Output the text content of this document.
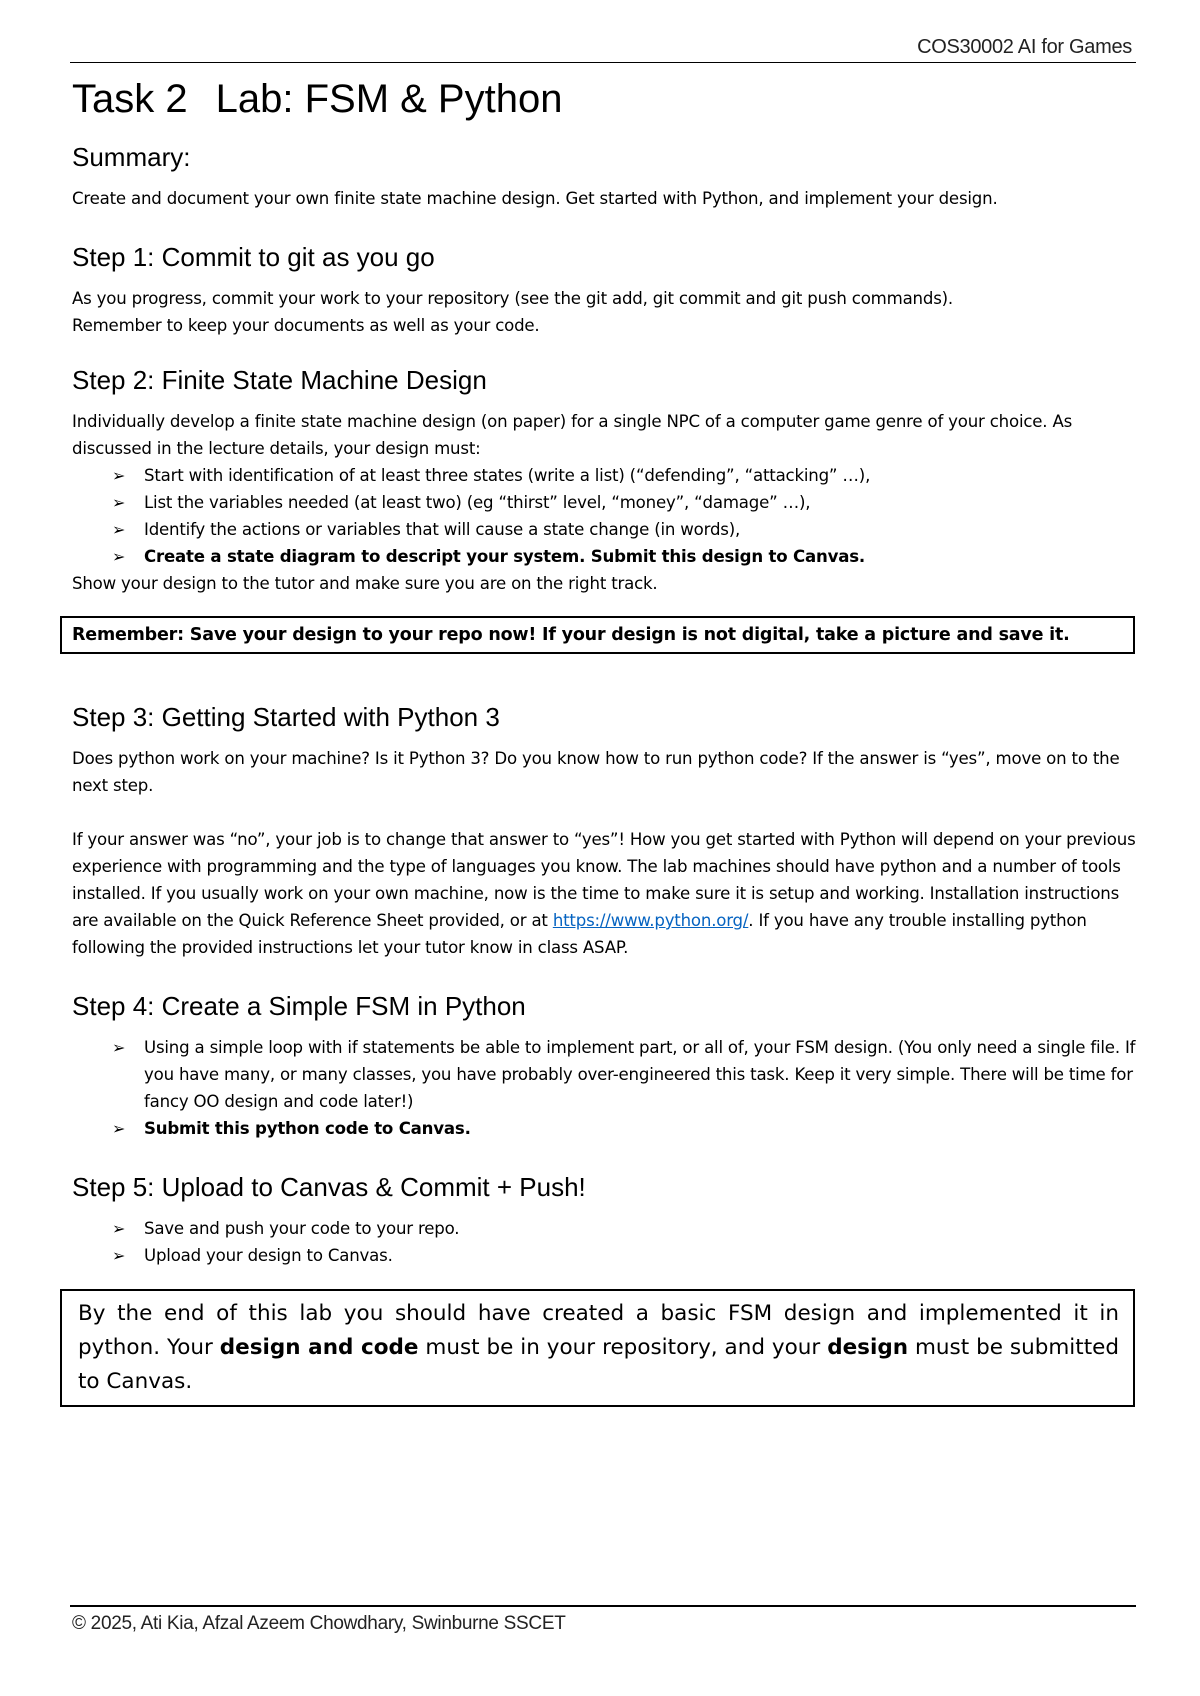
COS30002 AI for Games
Task 2 Lab: FSM & Python
Summary:

Create and document your own finite state machine design. Get started with Python, and implement your design.

Step 1: Commit to git as you go

As you progress, commit your work to your repository (see the git add, git commit and git push commands).

Remember to keep your documents as well as your code.

Step 2: Finite State Machine Design

Individually develop a finite state machine design (on paper) for a single NPC of a computer game genre of your choice. As discussed in the lecture details, your design must:

➢ Start with identification of at least three states (write a list) (“defending”, “attacking” …),
➢ List the variables needed (at least two) (eg “thirst” level, “money”, “damage” …),
➢ Identify the actions or variables that will cause a state change (in words),
➢ Create a state diagram to descript your system. Submit this design to Canvas.

Show your design to the tutor and make sure you are on the right track.

Remember: Save your design to your repo now! If your design is not digital, take a picture and save it.

Step 3: Getting Started with Python 3

Does python work on your machine? Is it Python 3? Do you know how to run python code? If the answer is “yes”, move on to the next step.

If your answer was “no”, your job is to change that answer to “yes”! How you get started with Python will depend on your previous experience with programming and the type of languages you know. The lab machines should have python and a number of tools installed. If you usually work on your own machine, now is the time to make sure it is setup and working. Installation instructions are available on the Quick Reference Sheet provided, or at https://www.python.org/. If you have any trouble installing python following the provided instructions let your tutor know in class ASAP.

Step 4: Create a Simple FSM in Python
➢ Using a simple loop with if statements be able to implement part, or all of, your FSM design. (You only need a single file. If you have many, or many classes, you have probably over-engineered this task. Keep it very simple. There will be time for fancy OO design and code later!)
➢ Submit this python code to Canvas.
Step 5: Upload to Canvas & Commit + Push!
➢ Save and push your code to your repo.
➢ Upload your design to Canvas.

By the end of this lab you should have created a basic FSM design and implemented it in python. Your design and code must be in your repository, and your design must be submitted to Canvas.

© 2025, Ati Kia, Afzal Azeem Chowdhary, Swinburne SSCET
